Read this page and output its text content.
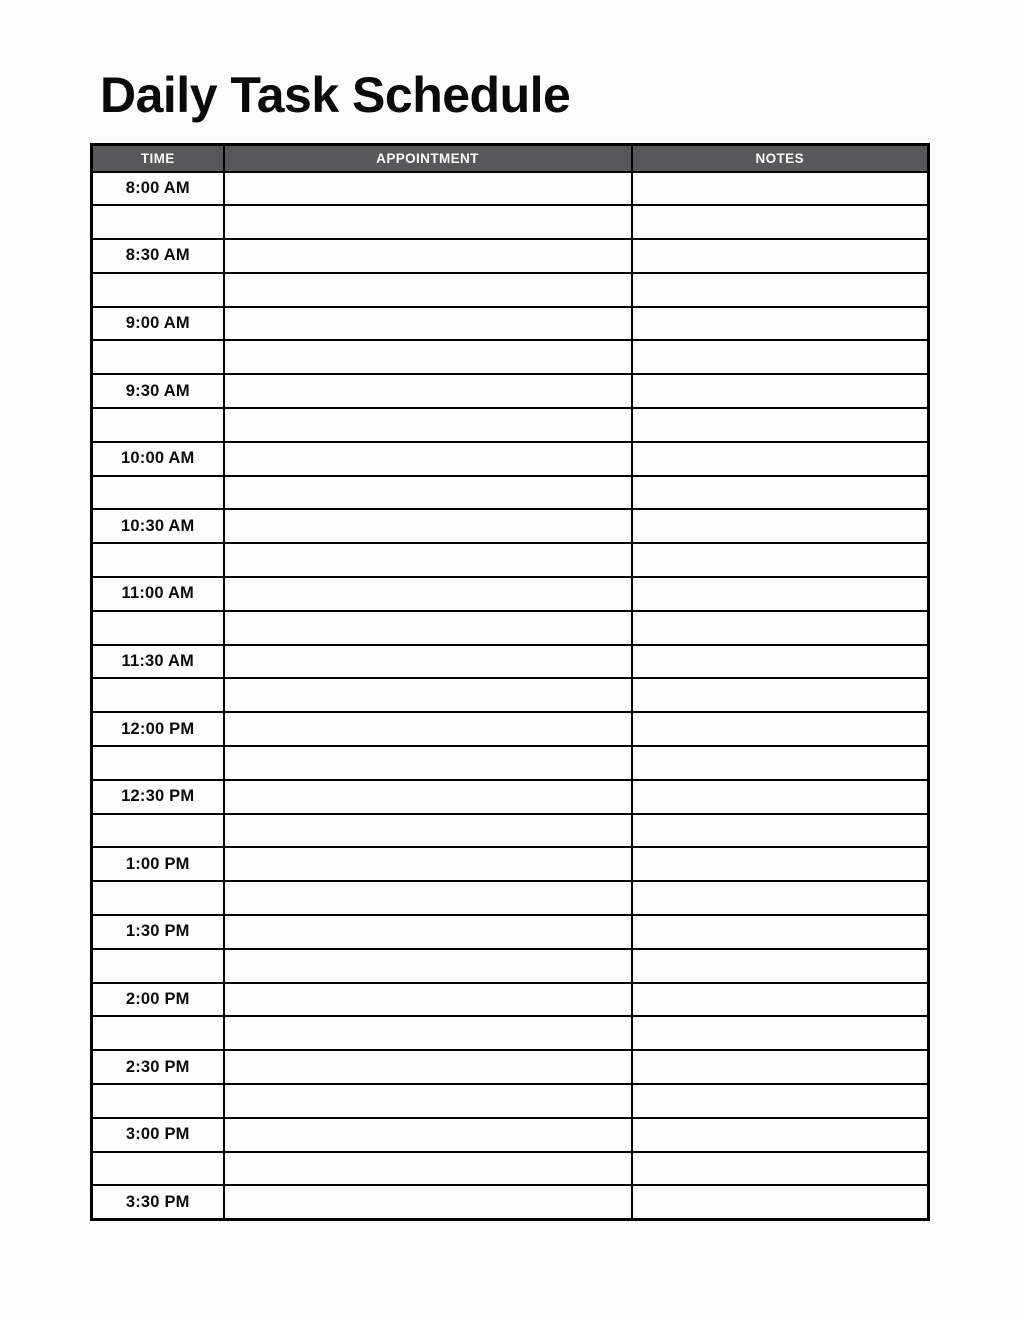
Daily Task Schedule
TIME	APPOINTMENT	NOTES
8:00 AM		

8:30 AM		

9:00 AM		

9:30 AM		

10:00 AM		

10:30 AM		

11:00 AM		

11:30 AM		

12:00 PM		

12:30 PM		

1:00 PM		

1:30 PM		

2:00 PM		

2:30 PM		

3:00 PM		

3:30 PM		
